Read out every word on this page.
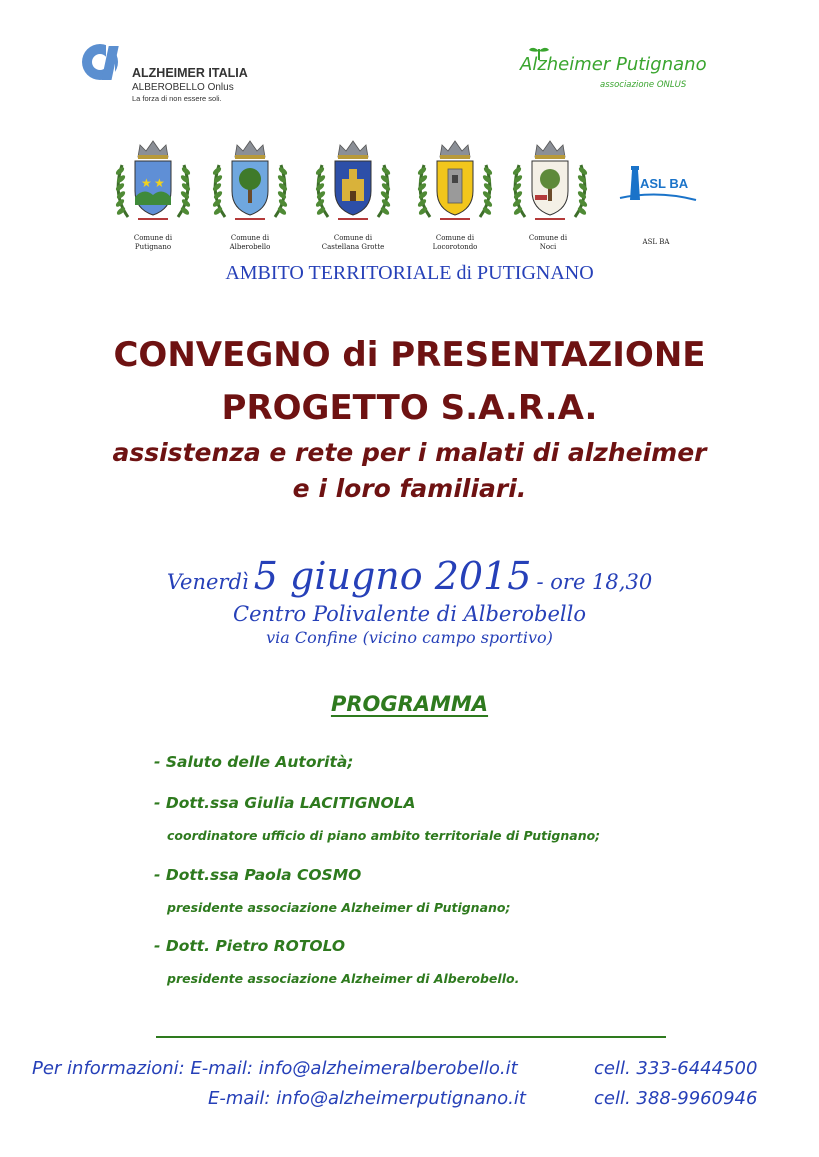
ALZHEIMER ITALIA
ALBEROBELLO Onlus
La forza di non essere soli.
Alzheimer Putignano
associazione ONLUS
★ ★
Comune di
Putignano
Comune di
Alberobello
Comune di
Castellana Grotte
Comune di
Locorotondo
Comune di
Noci
ASL BA
ASL BA
AMBITO TERRITORIALE di PUTIGNANO
CONVEGNO di PRESENTAZIONE
PROGETTO S.A.R.A.
assistenza e rete per i malati di alzheimer
e i loro familiari.
Venerdì 5 giugno 2015 - ore 18,30
Centro Polivalente di Alberobello
via Confine (vicino campo sportivo)
PROGRAMMA
- Saluto delle Autorità;
- Dott.ssa Giulia LACITIGNOLA
coordinatore ufficio di piano ambito territoriale di Putignano;
- Dott.ssa Paola COSMO
presidente associazione Alzheimer di Putignano;
- Dott. Pietro ROTOLO
presidente associazione Alzheimer di Alberobello.
Per informazioni: E-mail: info@alzheimeralberobello.it	cell. 333-6444500
E-mail: info@alzheimerputignano.it	cell. 388-9960946
